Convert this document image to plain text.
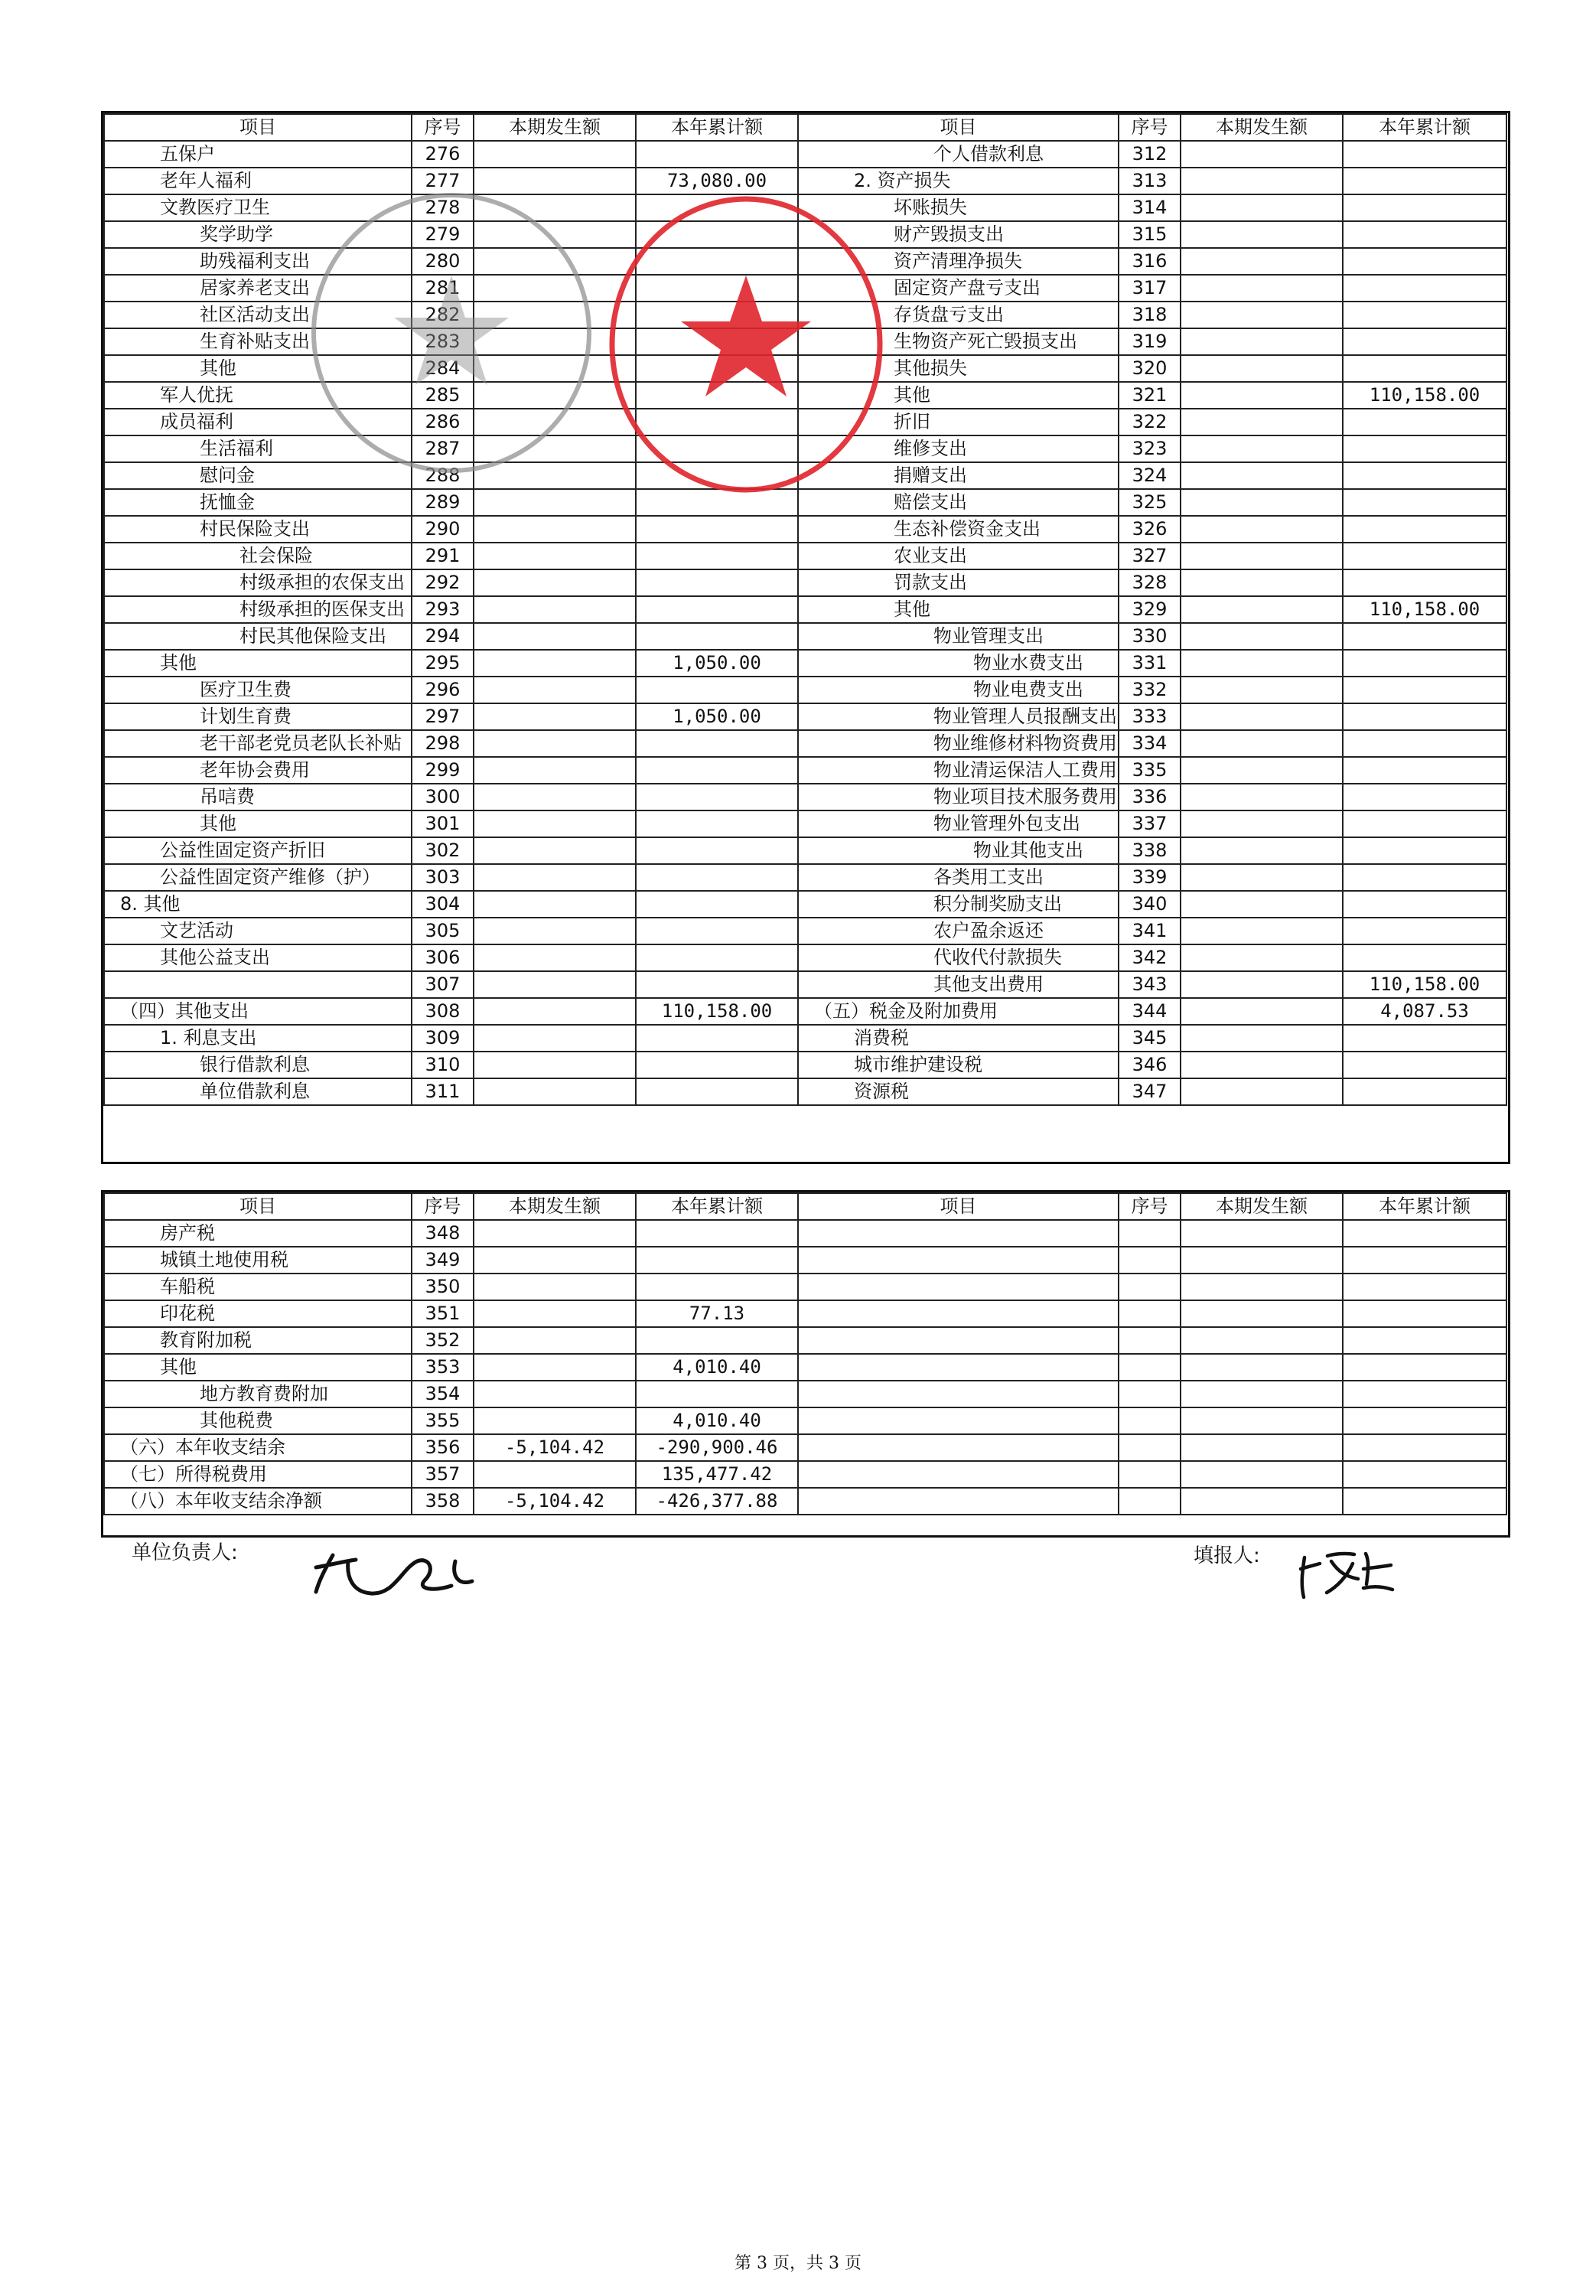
项目	序号	本期发生额	本年累计额	项目	序号	本期发生额	本年累计额
五保户	276			个人借款利息	312		
老年人福利	277		73,080.00	2. 资产损失	313		
文教医疗卫生	278			坏账损失	314		
奖学助学	279			财产毁损支出	315		
助残福利支出	280			资产清理净损失	316		
居家养老支出	281			固定资产盘亏支出	317		
社区活动支出	282			存货盘亏支出	318		
生育补贴支出	283			生物资产死亡毁损支出	319		
其他	284			其他损失	320		
军人优抚	285			其他	321		110,158.00
成员福利	286			折旧	322		
生活福利	287			维修支出	323		
慰问金	288			捐赠支出	324		
抚恤金	289			赔偿支出	325		
村民保险支出	290			生态补偿资金支出	326		
社会保险	291			农业支出	327		
村级承担的农保支出	292			罚款支出	328		
村级承担的医保支出	293			其他	329		110,158.00
村民其他保险支出	294			物业管理支出	330		
其他	295		1,050.00	物业水费支出	331		
医疗卫生费	296			物业电费支出	332		
计划生育费	297		1,050.00	物业管理人员报酬支出	333		
老干部老党员老队长补贴	298			物业维修材料物资费用	334		
老年协会费用	299			物业清运保洁人工费用	335		
吊唁费	300			物业项目技术服务费用	336		
其他	301			物业管理外包支出	337		
公益性固定资产折旧	302			物业其他支出	338		
公益性固定资产维修（护）	303			各类用工支出	339		
8. 其他	304			积分制奖励支出	340		
文艺活动	305			农户盈余返还	341		
其他公益支出	306			代收代付款损失	342		
	307			其他支出费用	343		110,158.00
（四）其他支出	308		110,158.00	（五）税金及附加费用	344		4,087.53
1. 利息支出	309			消费税	345		
银行借款利息	310			城市维护建设税	346		
单位借款利息	311			资源税	347		
项目	序号	本期发生额	本年累计额	项目	序号	本期发生额	本年累计额
房产税	348						
城镇土地使用税	349						
车船税	350						
印花税	351		77.13				
教育附加税	352						
其他	353		4,010.40				
地方教育费附加	354						
其他税费	355		4,010.40				
（六）本年收支结余	356	-5,104.42	-290,900.46				
（七）所得税费用	357		135,477.42				
（八）本年收支结余净额	358	-5,104.42	-426,377.88				
单位负责人:	填报人:
第 3 页，共 3 页
